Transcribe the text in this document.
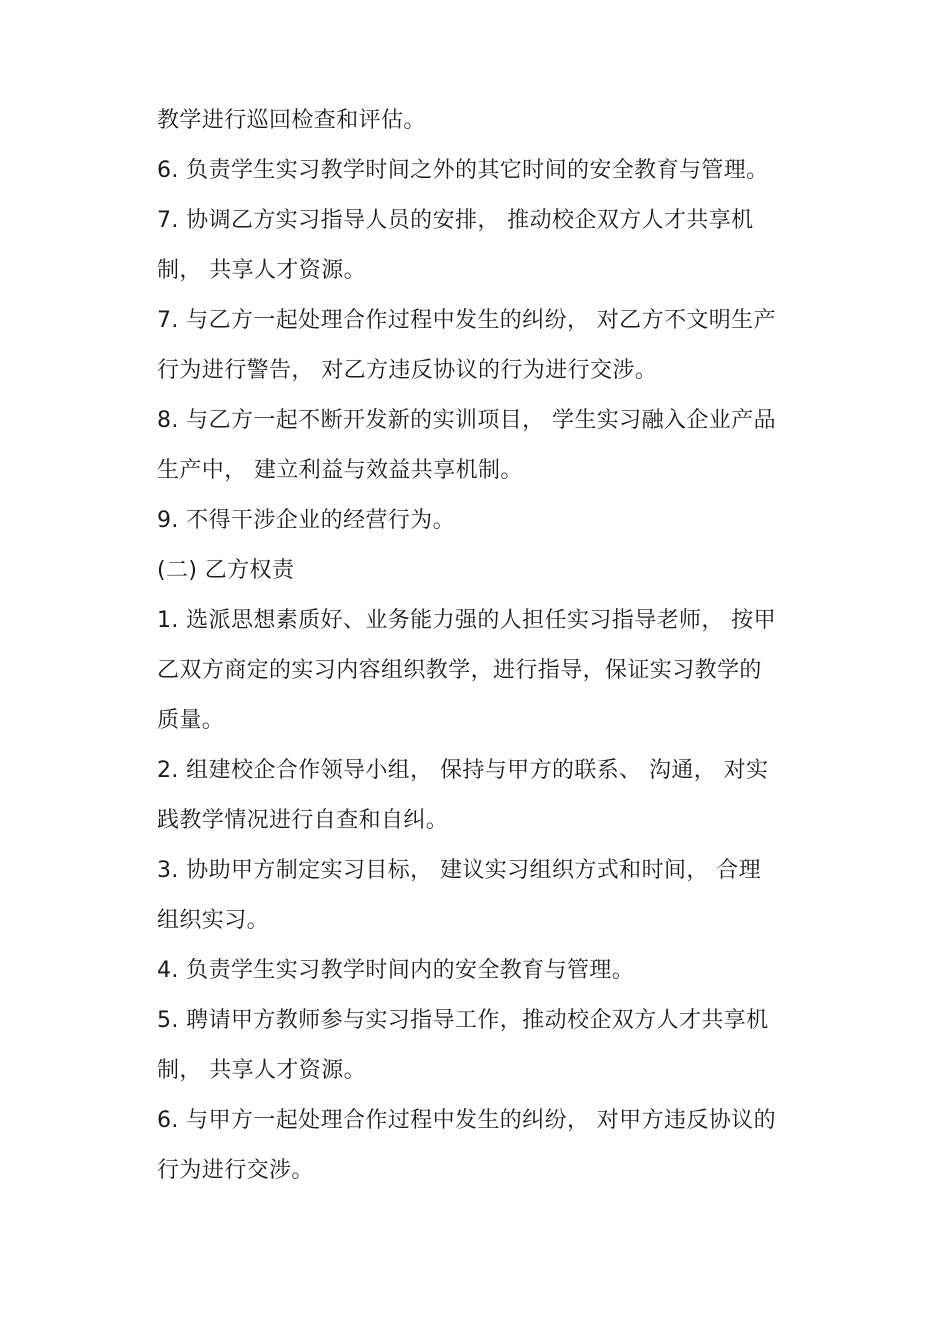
教学进行巡回检查和评估。

6. 负责学生实习教学时间之外的其它时间的安全教育与管理。

7. 协调乙方实习指导人员的安排， 推动校企双方人才共享机
制， 共享人才资源。

7. 与乙方一起处理合作过程中发生的纠纷， 对乙方不文明生产
行为进行警告， 对乙方违反协议的行为进行交涉。

8. 与乙方一起不断开发新的实训项目， 学生实习融入企业产品
生产中， 建立利益与效益共享机制。

9. 不得干涉企业的经营行为。

(二) 乙方权责

1. 选派思想素质好、业务能力强的人担任实习指导老师， 按甲
乙双方商定的实习内容组织教学，进行指导，保证实习教学的
质量。

2. 组建校企合作领导小组， 保持与甲方的联系、 沟通， 对实
践教学情况进行自查和自纠。

3. 协助甲方制定实习目标， 建议实习组织方式和时间， 合理
组织实习。

4. 负责学生实习教学时间内的安全教育与管理。

5. 聘请甲方教师参与实习指导工作，推动校企双方人才共享机
制， 共享人才资源。

6. 与甲方一起处理合作过程中发生的纠纷， 对甲方违反协议的
行为进行交涉。
